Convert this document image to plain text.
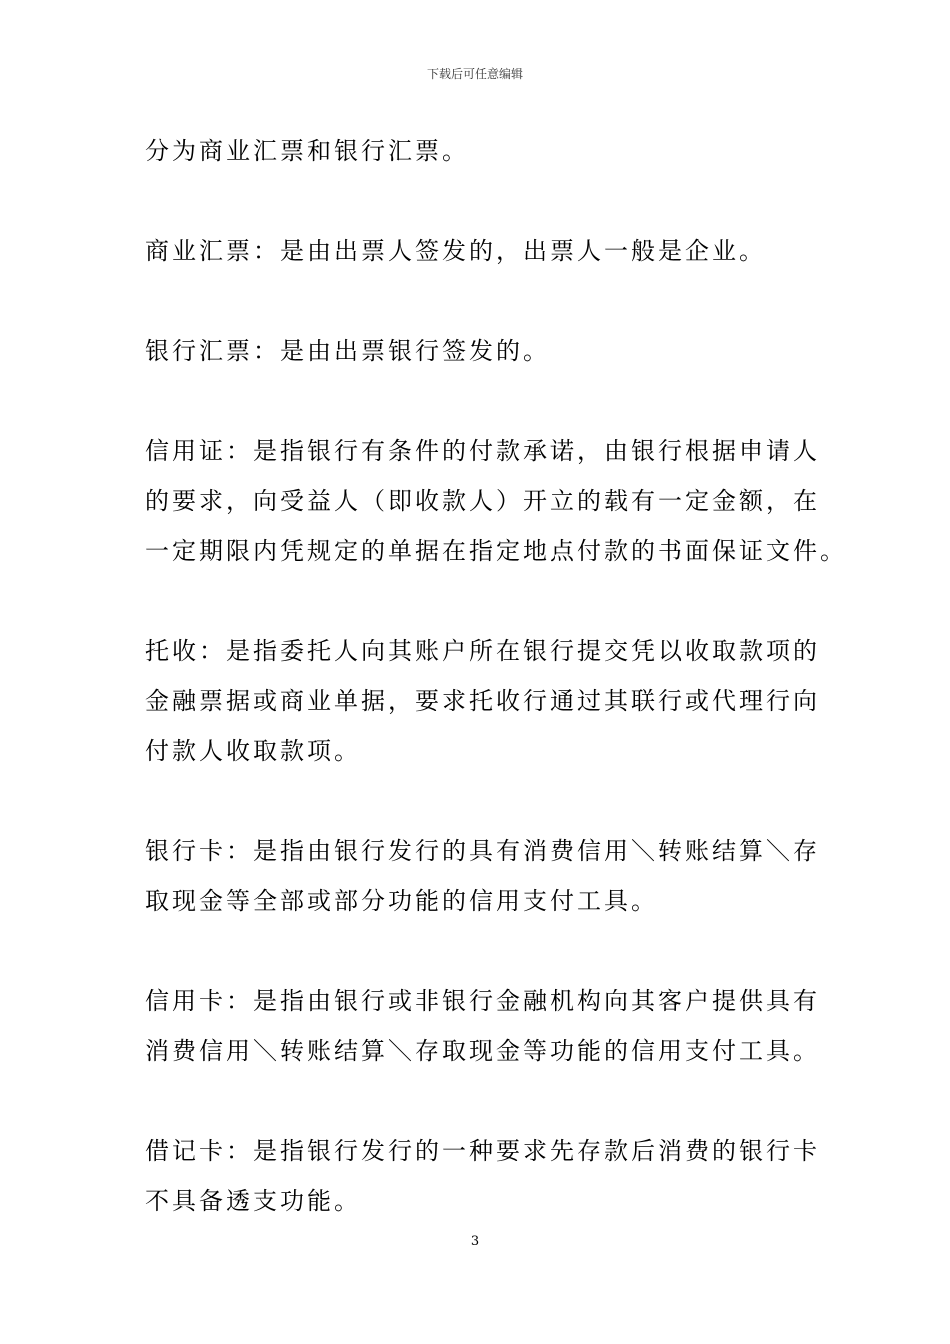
下载后可任意编辑
分为商业汇票和银行汇票。
商业汇票：是由出票人签发的，出票人一般是企业。
银行汇票：是由出票银行签发的。
信用证：是指银行有条件的付款承诺，由银行根据申请人
的要求，向受益人（即收款人）开立的载有一定金额，在
一定期限内凭规定的单据在指定地点付款的书面保证文件。
托收：是指委托人向其账户所在银行提交凭以收取款项的
金融票据或商业单据，要求托收行通过其联行或代理行向
付款人收取款项。
银行卡：是指由银行发行的具有消费信用＼转账结算＼存
取现金等全部或部分功能的信用支付工具。
信用卡：是指由银行或非银行金融机构向其客户提供具有
消费信用＼转账结算＼存取现金等功能的信用支付工具。
借记卡：是指银行发行的一种要求先存款后消费的银行卡
不具备透支功能。
3
